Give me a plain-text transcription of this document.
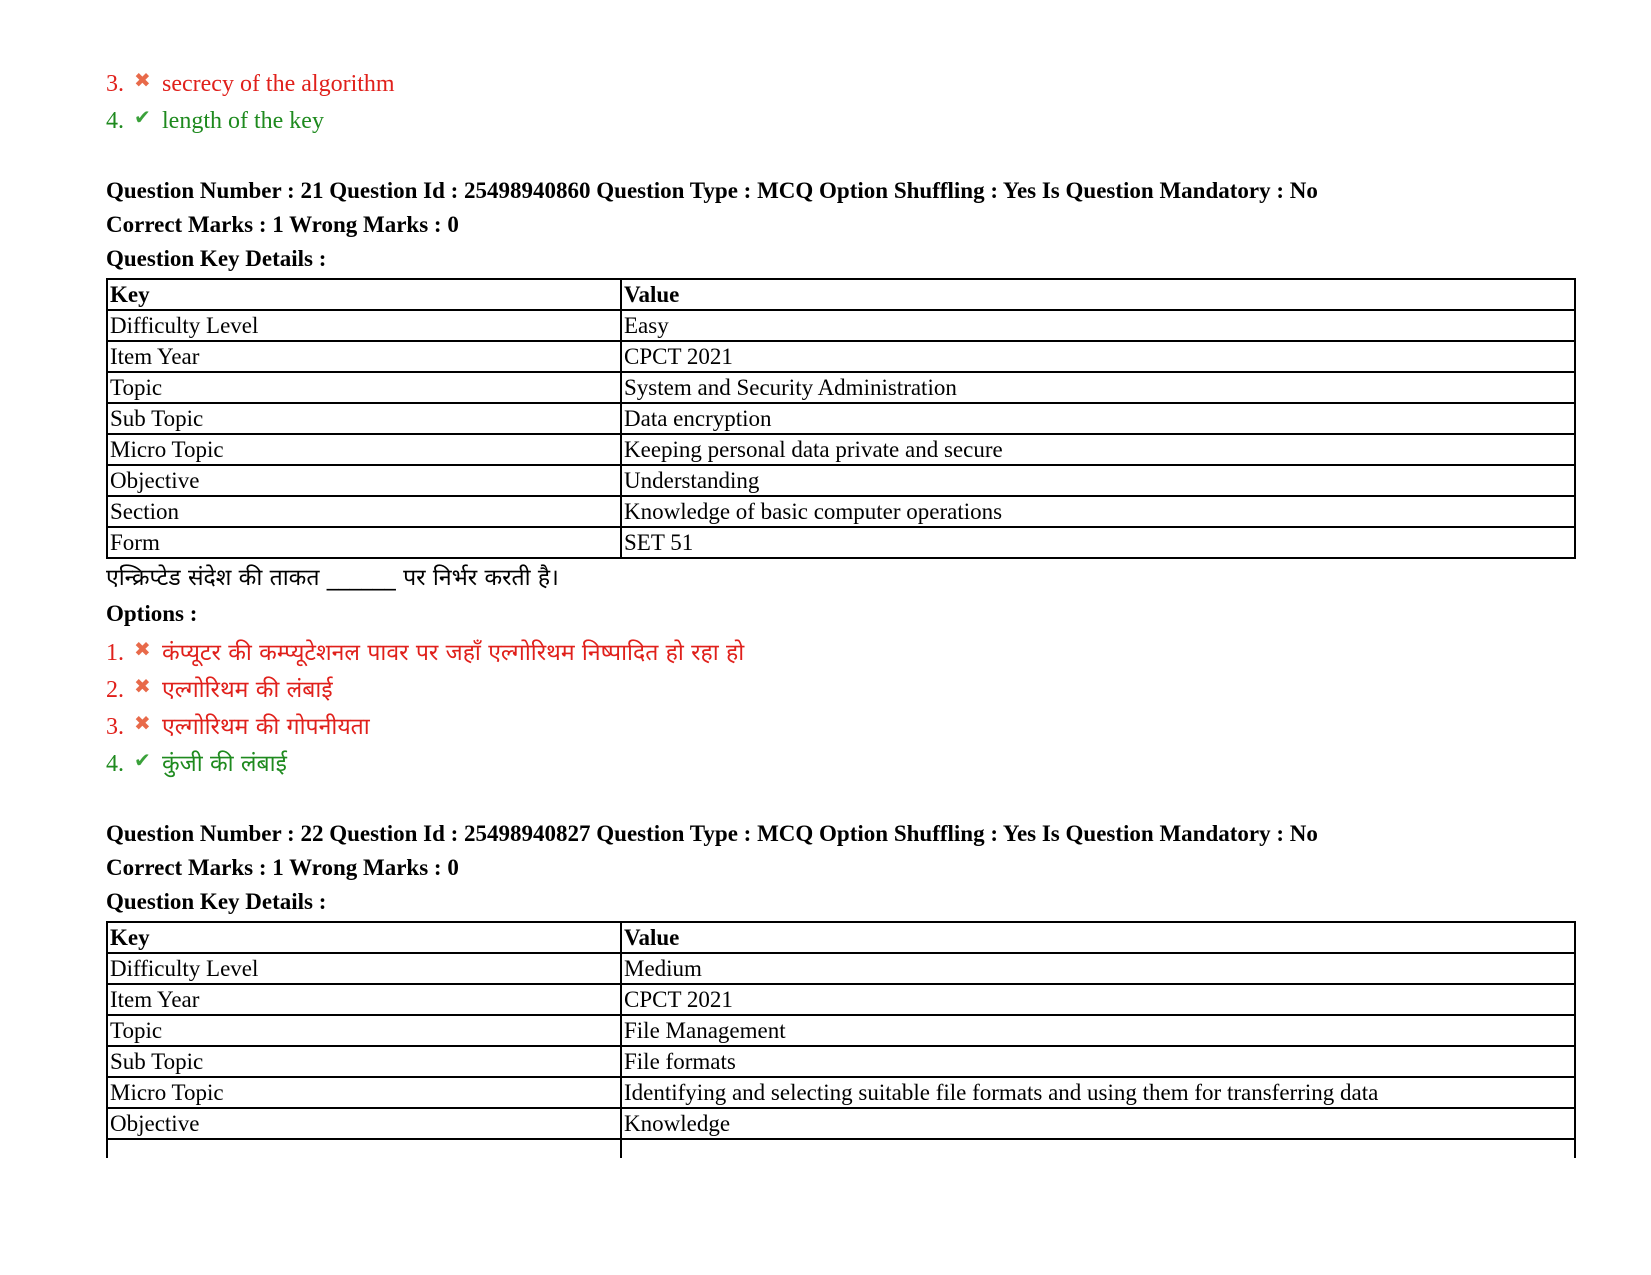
3. ✖ secrecy of the algorithm
4. ✔ length of the key
Question Number : 21 Question Id : 25498940860 Question Type : MCQ Option Shuffling : Yes Is Question Mandatory : No
Correct Marks : 1 Wrong Marks : 0
Question Key Details :
Key	Value
Difficulty Level	Easy
Item Year	CPCT 2021
Topic	System and Security Administration
Sub Topic	Data encryption
Micro Topic	Keeping personal data private and secure
Objective	Understanding
Section	Knowledge of basic computer operations
Form	SET 51
एन्क्रिप्टेड संदेश की ताकत ______ पर निर्भर करती है।
Options :
1. ✖ कंप्यूटर की कम्प्यूटेशनल पावर पर जहाँ एल्गोरिथम निष्पादित हो रहा हो
2. ✖ एल्गोरिथम की लंबाई
3. ✖ एल्गोरिथम की गोपनीयता
4. ✔ कुंजी की लंबाई
Question Number : 22 Question Id : 25498940827 Question Type : MCQ Option Shuffling : Yes Is Question Mandatory : No
Correct Marks : 1 Wrong Marks : 0
Question Key Details :
Key	Value
Difficulty Level	Medium
Item Year	CPCT 2021
Topic	File Management
Sub Topic	File formats
Micro Topic	Identifying and selecting suitable file formats and using them for transferring data
Objective	Knowledge
